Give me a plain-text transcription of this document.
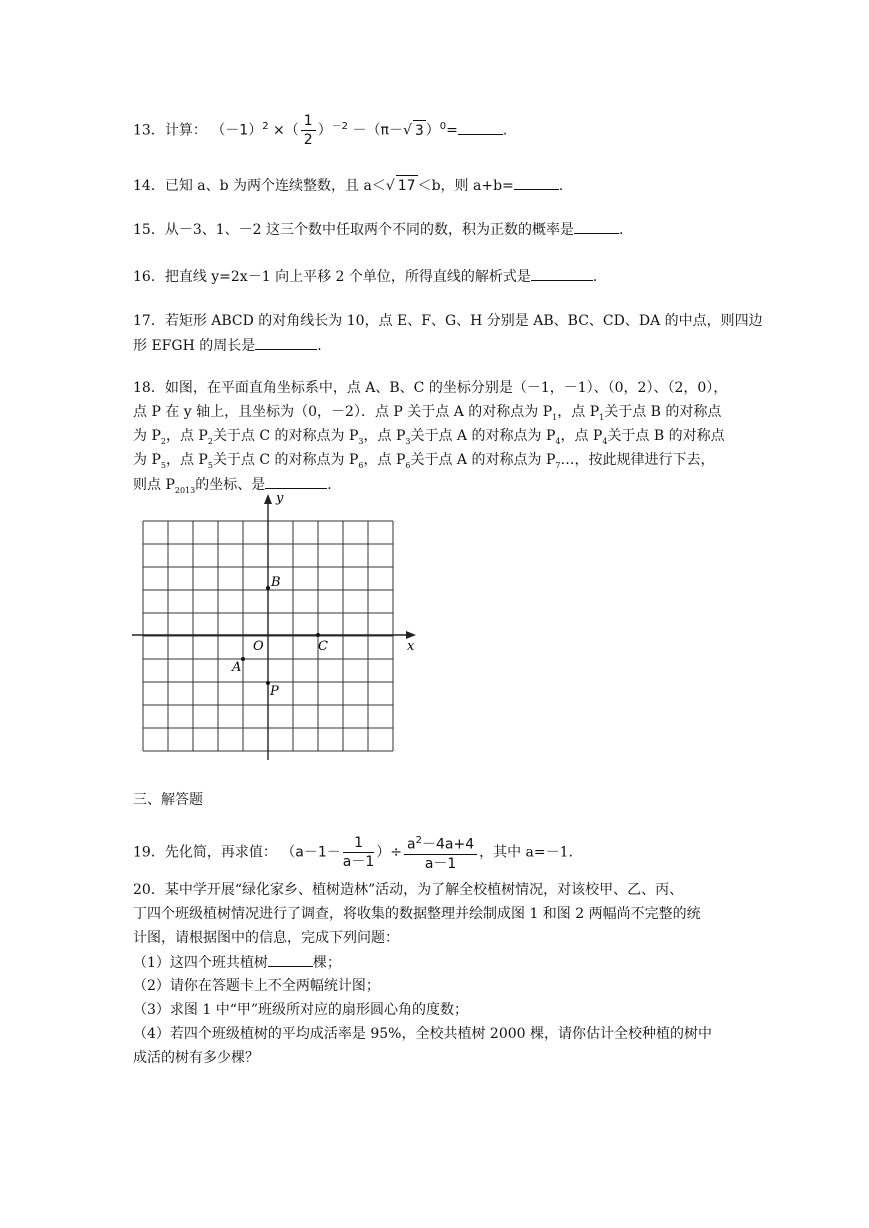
13．计算： $(-1)^2$ ×（ $\frac{1}{2} )^{-2} -(\pi-√$ 3 ）$^0$=	.
14．已知 a、b 为两个连续整数，且 a＜√ 17 ＜b，则 a+b=	.
15．从－3、1、－2 这三个数中任取两个不同的数，积为正数的概率是	.
16．把直线 y=2x－1 向上平移 2 个单位，所得直线的解析式是	.
17．若矩形 ABCD 的对角线长为 10，点 E、F、G、H 分别是 AB、BC、CD、DA 的中点，则四边
形 EFGH 的周长是	.
18．如图，在平面直角坐标系中，点 A、B、C 的坐标分别是（－1，－1）、（0，2）、（2，0），
点 P 在 y 轴上，且坐标为（0，－2）．点 P 关于点 A 的对称点为 $P_1$，点 $P_1$关于点 B 的对称点
为 $P_2$，点 $P_2$关于点 C 的对称点为 $P_3$，点 $P_3$关于点 A 的对称点为 $P_4$，点 $P_4$关于点 B 的对称点
为 $P_5$，点 $P_5$关于点 C 的对称点为 $P_6$，点 $P_6$关于点 A 的对称点为 $P_7\dots$，按此规律进行下去，
则点 $P_{2013}$的坐标、是	.
x
y
O
B
C
A
P
三、解答题
19．先化简，再求值： （$a-1- \frac{1}{a-1}$ ）÷ $\frac{a^2-4a+4}{a-1}$ ，其中 a=－1.
20．某中学开展“绿化家乡、植树造林”活动，为了解全校植树情况，对该校甲、乙、丙、
丁四个班级植树情况进行了调查，将收集的数据整理并绘制成图 1 和图 2 两幅尚不完整的统
计图，请根据图中的信息，完成下列问题：
（1）这四个班共植树	棵；
（2）请你在答题卡上不全两幅统计图；
（3）求图 1 中“甲”班级所对应的扇形圆心角的度数；
（4）若四个班级植树的平均成活率是 95%，全校共植树 2000 棵，请你估计全校种植的树中
成活的树有多少棵？
